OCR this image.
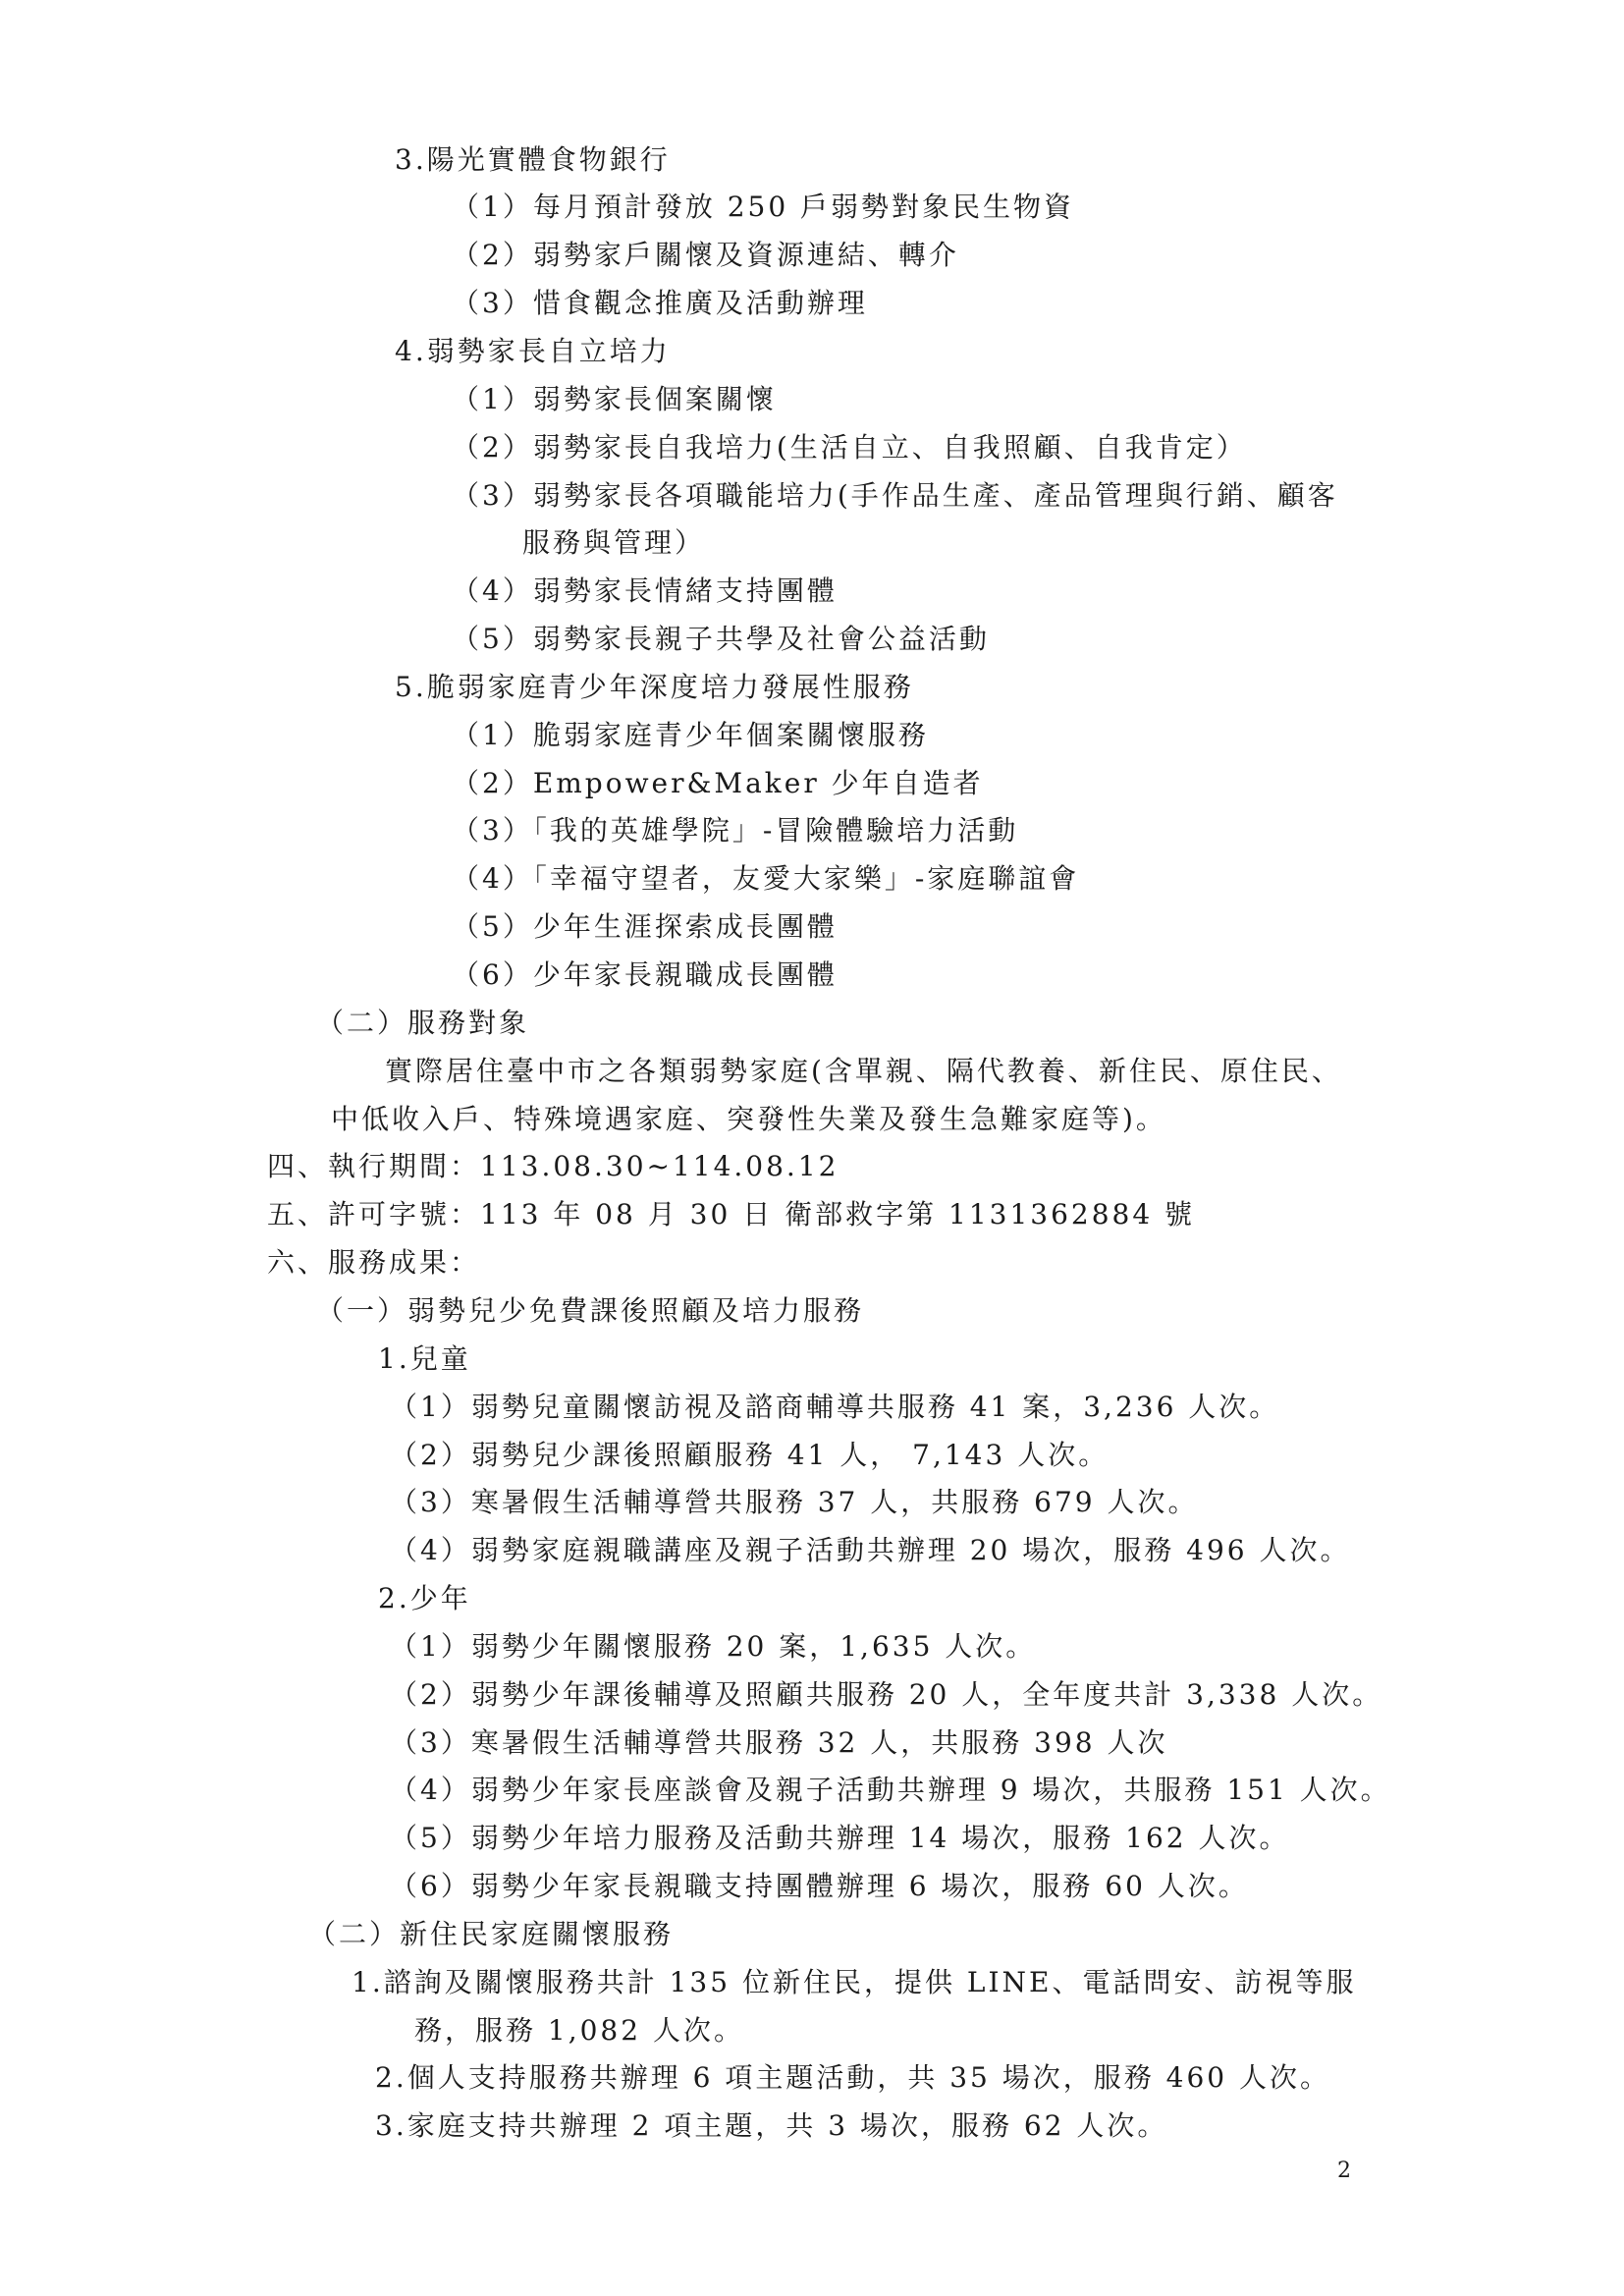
3.陽光實體食物銀行
（1）每月預計發放 250 戶弱勢對象民生物資
（2）弱勢家戶關懷及資源連結、轉介
（3）惜食觀念推廣及活動辦理
4.弱勢家長自立培力
（1）弱勢家長個案關懷
（2）弱勢家長自我培力(生活自立、自我照顧、自我肯定）
（3）弱勢家長各項職能培力(手作品生產、產品管理與行銷、顧客
服務與管理）
（4）弱勢家長情緒支持團體
（5）弱勢家長親子共學及社會公益活動
5.脆弱家庭青少年深度培力發展性服務
（1）脆弱家庭青少年個案關懷服務
（2）Empower&Maker 少年自造者
（3）「我的英雄學院」-冒險體驗培力活動
（4）「幸福守望者，友愛大家樂」-家庭聯誼會
（5）少年生涯探索成長團體
（6）少年家長親職成長團體
（二）服務對象
實際居住臺中市之各類弱勢家庭(含單親、隔代教養、新住民、原住民、
中低收入戶、特殊境遇家庭、突發性失業及發生急難家庭等)。
四、執行期間：113.08.30~114.08.12
五、許可字號：113 年 08 月 30 日 衛部救字第 1131362884 號
六、服務成果：
（一）弱勢兒少免費課後照顧及培力服務
1.兒童
（1）弱勢兒童關懷訪視及諮商輔導共服務 41 案，3,236 人次。
（2）弱勢兒少課後照顧服務 41 人， 7,143 人次。
（3）寒暑假生活輔導營共服務 37 人，共服務 679 人次。
（4）弱勢家庭親職講座及親子活動共辦理 20 場次，服務 496 人次。
2.少年
（1）弱勢少年關懷服務 20 案，1,635 人次。
（2）弱勢少年課後輔導及照顧共服務 20 人，全年度共計 3,338 人次。
（3）寒暑假生活輔導營共服務 32 人，共服務 398 人次
（4）弱勢少年家長座談會及親子活動共辦理 9 場次，共服務 151 人次。
（5）弱勢少年培力服務及活動共辦理 14 場次，服務 162 人次。
（6）弱勢少年家長親職支持團體辦理 6 場次，服務 60 人次。
（二）新住民家庭關懷服務
1.諮詢及關懷服務共計 135 位新住民，提供 LINE、電話問安、訪視等服
務，服務 1,082 人次。
2.個人支持服務共辦理 6 項主題活動，共 35 場次，服務 460 人次。
3.家庭支持共辦理 2 項主題，共 3 場次，服務 62 人次。
2
